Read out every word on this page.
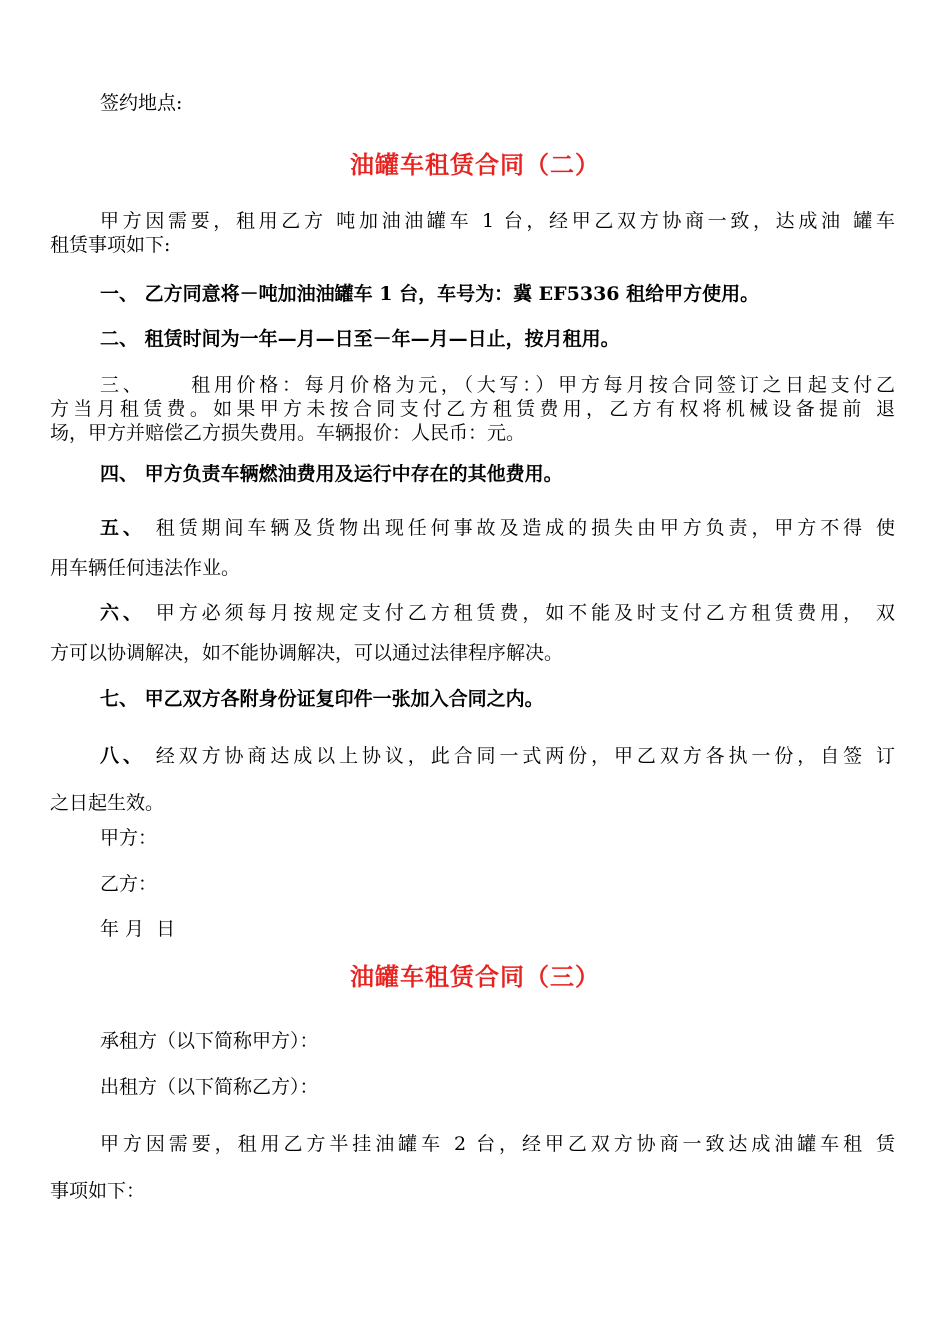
签约地点:
油罐车租赁合同（二）
甲方因需要，租用乙方 吨加油油罐车 1 台，经甲乙双方协商一致，达成油 罐车
租赁事项如下:
一、 乙方同意将－吨加油油罐车 1 台，车号为：冀 EF5336 租给甲方使用。
二、 租赁时间为一年—月—日至－年—月—日止，按月租用。
三、 租用价格：每月价格为元，（大写：）甲方每月按合同签订之日起支付乙
方当月租赁费。如果甲方未按合同支付乙方租赁费用，乙方有权将机械设备提前 退
场，甲方并赔偿乙方损失费用。车辆报价：人民币：元。
四、 甲方负责车辆燃油费用及运行中存在的其他费用。
五、 租赁期间车辆及货物出现任何事故及造成的损失由甲方负责，甲方不得 使
用车辆任何违法作业。
六、 甲方必须每月按规定支付乙方租赁费，如不能及时支付乙方租赁费用， 双
方可以协调解决，如不能协调解决，可以通过法律程序解决。
七、 甲乙双方各附身份证复印件一张加入合同之内。
八、 经双方协商达成以上协议，此合同一式两份，甲乙双方各执一份，自签 订
之日起生效。
甲方：
乙方：
年 月  日
油罐车租赁合同（三）
承租方（以下简称甲方）：
出租方（以下简称乙方）：
甲方因需要，租用乙方半挂油罐车 2 台，经甲乙双方协商一致达成油罐车租 赁
事项如下：
